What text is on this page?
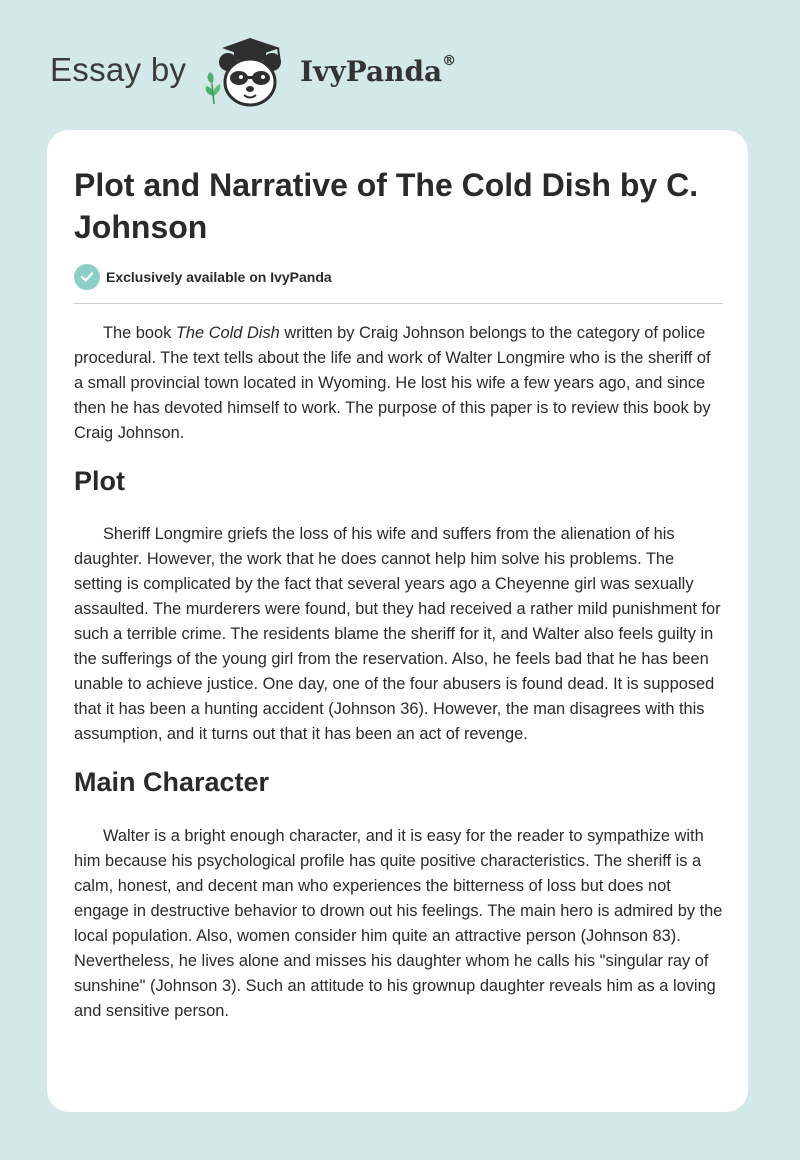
Essay by	IvyPanda®
Plot and Narrative of The Cold Dish by C. Johnson
Exclusively available on IvyPanda

The book The Cold Dish written by Craig Johnson belongs to the category of police procedural. The text tells about the life and work of Walter Longmire who is the sheriff of a small provincial town located in Wyoming. He lost his wife a few years ago, and since then he has devoted himself to work. The purpose of this paper is to review this book by Craig Johnson.

Plot

Sheriff Longmire griefs the loss of his wife and suffers from the alienation of his daughter. However, the work that he does cannot help him solve his problems. The setting is complicated by the fact that several years ago a Cheyenne girl was sexually assaulted. The murderers were found, but they had received a rather mild punishment for such a terrible crime. The residents blame the sheriff for it, and Walter also feels guilty in the sufferings of the young girl from the reservation. Also, he feels bad that he has been unable to achieve justice. One day, one of the four abusers is found dead. It is supposed that it has been a hunting accident (Johnson 36). However, the man disagrees with this assumption, and it turns out that it has been an act of revenge.

Main Character

Walter is a bright enough character, and it is easy for the reader to sympathize with him because his psychological profile has quite positive characteristics. The sheriff is a calm, honest, and decent man who experiences the bitterness of loss but does not engage in destructive behavior to drown out his feelings. The main hero is admired by the local population. Also, women consider him quite an attractive person (Johnson 83). Nevertheless, he lives alone and misses his daughter whom he calls his "singular ray of sunshine" (Johnson 3). Such an attitude to his grownup daughter reveals him as a loving and sensitive person.
